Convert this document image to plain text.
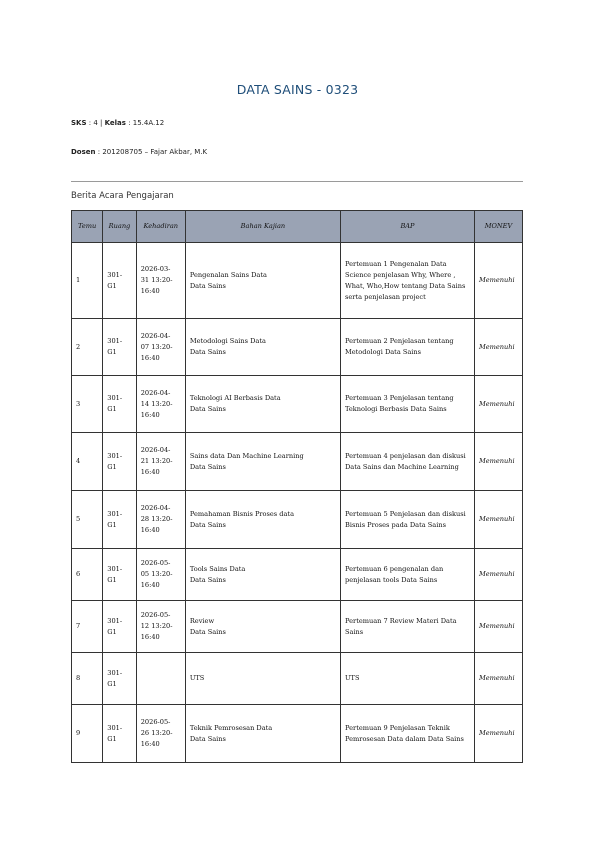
DATA SAINS - 0323
SKS : 4 | Kelas : 15.4A.12
Dosen : 201208705 – Fajar Akbar, M.K
Berita Acara Pengajaran
Temu	Ruang	Kehadiran	Bahan Kajian	BAP	MONEV
1	301-
G1	2026-03-
31 13:20-
16:40	Pengenalan Sains Data
Data Sains	Pertemuan 1 Pengenalan Data Science penjelasan Why, Where , What, Who,How tentang Data Sains serta penjelasan project	Memenuhi
2	301-
G1	2026-04-
07 13:20-
16:40	Metodologi Sains Data
Data Sains	Pertemuan 2 Penjelasan tentang Metodologi Data Sains	Memenuhi
3	301-
G1	2026-04-
14 13:20-
16:40	Teknologi AI Berbasis Data
Data Sains	Pertemuan 3 Penjelasan tentang Teknologi Berbasis Data Sains	Memenuhi
4	301-
G1	2026-04-
21 13:20-
16:40	Sains data Dan Machine Learning
Data Sains	Pertemuan 4 penjelasan dan diskusi Data Sains dan Machine Learning	Memenuhi
5	301-
G1	2026-04-
28 13:20-
16:40	Pemahaman Bisnis Proses data
Data Sains	Pertemuan 5 Penjelasan dan diskusi Bisnis Proses pada Data Sains	Memenuhi
6	301-
G1	2026-05-
05 13:20-
16:40	Tools Sains Data
Data Sains	Pertemuan 6 pengenalan dan penjelasan tools Data Sains	Memenuhi
7	301-
G1	2026-05-
12 13:20-
16:40	Review
Data Sains	Pertemuan 7 Review Materi Data Sains	Memenuhi
8	301-
G1		UTS	UTS	Memenuhi
9	301-
G1	2026-05-
26 13:20-
16:40	Teknik Pemrosesan Data
Data Sains	Pertemuan 9 Penjelasan Teknik Pemrosesan Data dalam Data Sains	Memenuhi
